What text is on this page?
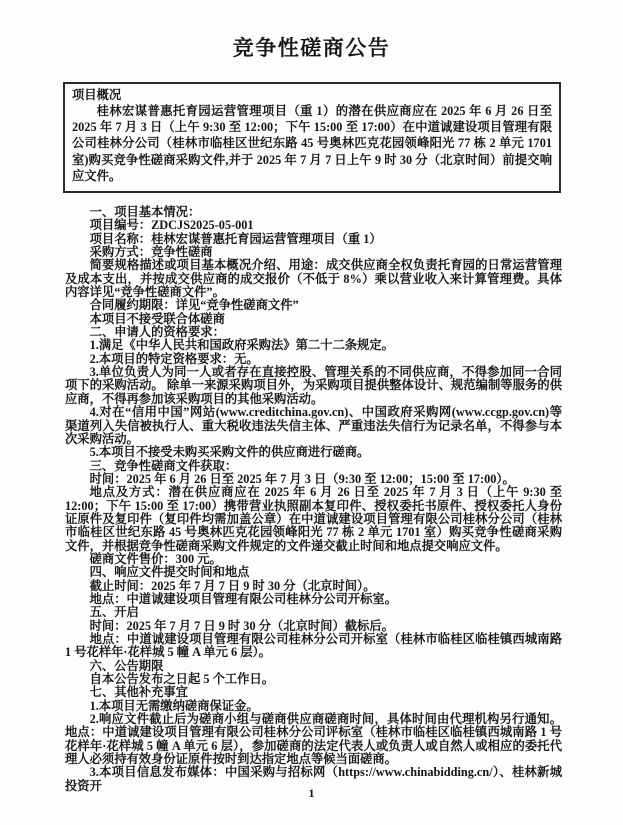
竞争性磋商公告
项目概况

桂林宏谋普惠托育园运营管理项目（重 1）的潜在供应商应在 2025 年 6 月 26 日至 2025 年 7 月 3 日（上午 9:30 至 12:00；下午 15:00 至 17:00）在中道诚建设项目管理有限公司桂林分公司（桂林市临桂区世纪东路 45 号奥林匹克花园领峰阳光 77 栋 2 单元 1701 室)购买竞争性磋商采购文件,并于 2025 年 7 月 7 日上午 9 时 30 分（北京时间）前提交响应文件。

一、项目基本情况：

项目编号：ZDCJS2025-05-001

项目名称：桂林宏谋普惠托育园运营管理项目（重 1）

采购方式：竞争性磋商

简要规格描述或项目基本概况介绍、用途：成交供应商全权负责托育园的日常运营管理及成本支出，并按成交供应商的成交报价（不低于 8%）乘以营业收入来计算管理费。具体内容详见“竞争性磋商文件”。

合同履约期限：详见“竞争性磋商文件”

本项目不接受联合体磋商

二、申请人的资格要求：

1.满足《中华人民共和国政府采购法》第二十二条规定。

2.本项目的特定资格要求：无。

3.单位负责人为同一人或者存在直接控股、管理关系的不同供应商，不得参加同一合同项下的采购活动。 除单一来源采购项目外，为采购项目提供整体设计、规范编制等服务的供应商，不得再参加该采购项目的其他采购活动。

4.对在“信用中国”网站(www.creditchina.gov.cn)、中国政府采购网(www.ccgp.gov.cn)等渠道列入失信被执行人、重大税收违法失信主体、严重违法失信行为记录名单，不得参与本次采购活动。

5.本项目不接受未购买采购文件的供应商进行磋商。

三、竞争性磋商文件获取：

时间：2025 年 6 月 26 日至 2025 年 7 月 3 日（9:30 至 12:00；15:00 至 17:00）。

地点及方式：潜在供应商应在 2025 年 6 月 26 日至 2025 年 7 月 3 日（上午 9:30 至 12:00；下午 15:00 至 17:00）携带营业执照副本复印件、授权委托书原件、授权委托人身份证原件及复印件（复印件均需加盖公章）在中道诚建设项目管理有限公司桂林分公司（桂林市临桂区世纪东路 45 号奥林匹克花园领峰阳光 77 栋 2 单元 1701 室）购买竞争性磋商采购文件，并根据竞争性磋商采购文件规定的文件递交截止时间和地点提交响应文件。

磋商文件售价：300 元。

四、响应文件提交时间和地点

截止时间：2025 年 7 月 7 日 9 时 30 分（北京时间）。

地点：中道诚建设项目管理有限公司桂林分公司开标室。

五、开启

时间：2025 年 7 月 7 日 9 时 30 分（北京时间）截标后。

地点：中道诚建设项目管理有限公司桂林分公司开标室（桂林市临桂区临桂镇西城南路 1 号花样年·花样城 5 幢 A 单元 6 层）。

六、公告期限

自本公告发布之日起 5 个工作日。

七、其他补充事宜

1.本项目无需缴纳磋商保证金。

2.响应文件截止后为磋商小组与磋商供应商磋商时间，具体时间由代理机构另行通知。地点：中道诚建设项目管理有限公司桂林分公司评标室（桂林市临桂区临桂镇西城南路 1 号花样年·花样城 5 幢 A 单元 6 层），参加磋商的法定代表人或负责人或自然人或相应的委托代理人必须持有效身份证原件按时到达指定地点等候当面磋商。

3.本项目信息发布媒体：中国采购与招标网（https://www.chinabidding.cn/）、桂林新城投资开

1
